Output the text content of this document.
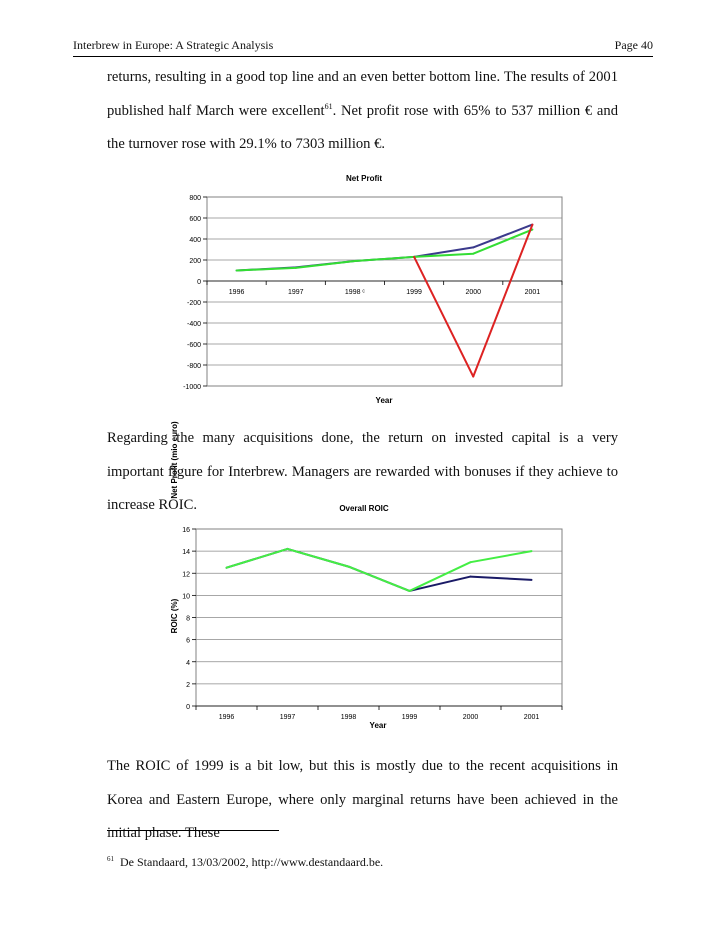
Interbrew in Europe: A Strategic Analysis	Page 40

returns, resulting in a good top line and an even better bottom line. The results of 2001 published half March were excellent$^{61}$. Net profit rose with 65% to 537 million € and the turnover rose with 29.1% to 7303 million €.

Net Profit
800
600
400
200
0
-200
-400
-600
-800
-1000
1996	1997	1998 ᶜ	1999	2000	2001
Year
Net Profit (mio euro)

Regarding the many acquisitions done, the return on invested capital is a very important figure for Interbrew. Managers are rewarded with bonuses if they achieve to increase ROIC.	Overall ROIC
16
14
12
10
8
6
4
2
0
1996	1997	1998	1999	2000	2001
Year
ROIC (%)

The ROIC of 1999 is a bit low, but this is mostly due to the recent acquisitions in Korea and Eastern Europe, where only marginal returns have been achieved in the initial phase. These

$^{61}$ De Standaard, 13/03/2002, http://www.destandaard.be.
